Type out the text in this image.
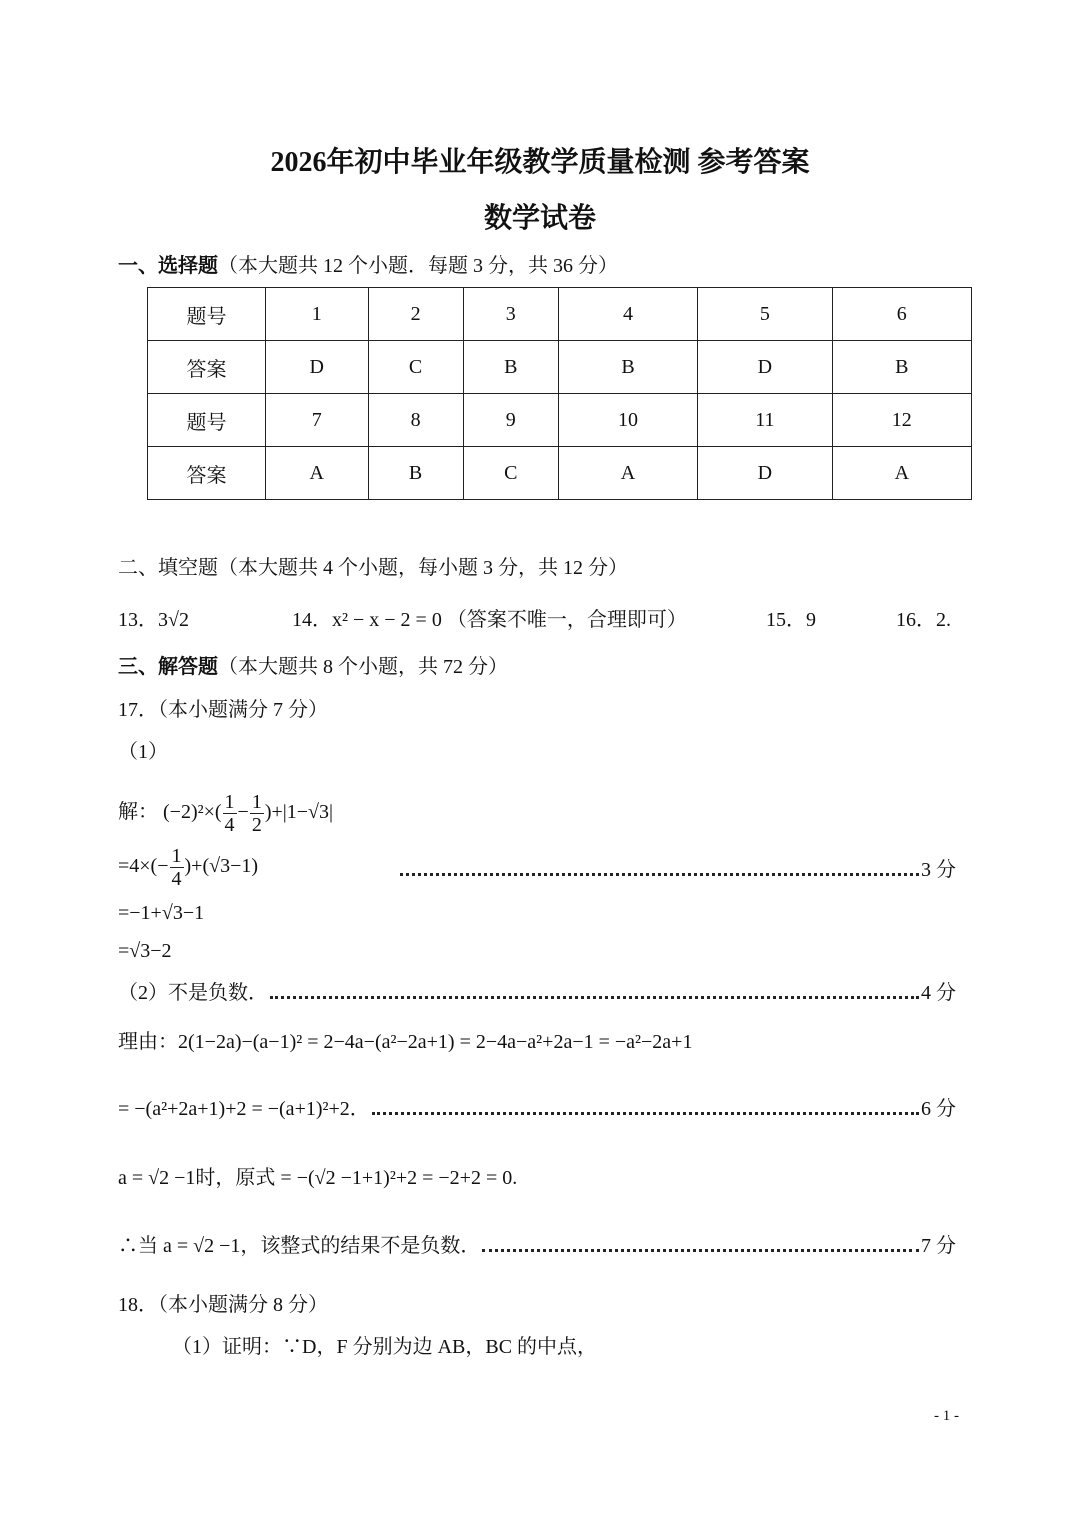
2026年初中毕业年级教学质量检测 参考答案
数学试卷
一、选择题（本大题共 12 个小题．每题 3 分，共 36 分）
题号	1	2	3	4	5	6
答案	D	C	B	B	D	B
题号	7	8	9	10	11	12
答案	A	B	C	A	D	A
二、填空题（本大题共 4 个小题，每小题 3 分，共 12 分）
13．3√2	14．x² − x − 2 = 0 （答案不唯一，合理即可）	15．9	16．2.
三、解答题（本大题共 8 个小题，共 72 分）
17．（本小题满分 7 分）
（1）
解： $(-2)^2\times( \frac{1}{4} - \frac{1}{2} )+|1-√3|$
$=4\times(- \frac{1}{4} )+(√3-1)$	3 分
=−1+√3−1
=√3−2
（2）不是负数．	4 分
理由：2(1−2a)−(a−1)² = 2−4a−(a²−2a+1) = 2−4a−a²+2a−1 = −a²−2a+1
= −(a²+2a+1)+2 = −(a+1)²+2．	6 分
a = √2 −1时，原式 = −(√2 −1+1)²+2 = −2+2 = 0.
∴当 a = √2 −1，该整式的结果不是负数．	7 分
18．（本小题满分 8 分）
（1）证明：∵D，F 分别为边 AB，BC 的中点，
- 1 -
